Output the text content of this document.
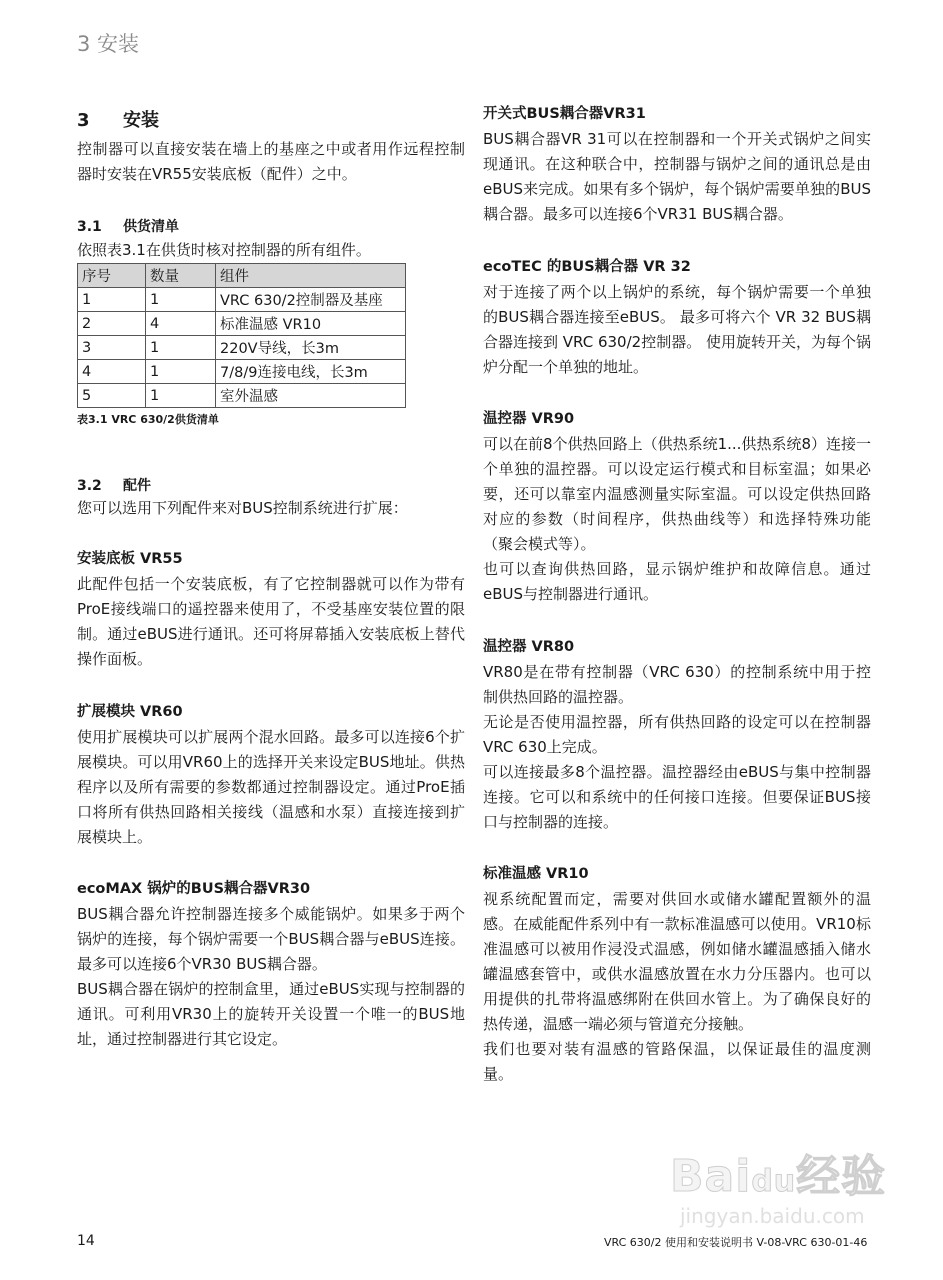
3 安装
3 安装

控制器可以直接安装在墙上的基座之中或者用作远程控制器时安装在VR55安装底板（配件）之中。

3.1 供货清单

依照表3.1在供货时核对控制器的所有组件。

序号	数量	组件
1	1	VRC 630/2控制器及基座
2	4	标准温感 VR10
3	1	220V导线，长3m
4	1	7/8/9连接电线，长3m
5	1	室外温感
表3.1 VRC 630/2供货清单
3.2 配件

您可以选用下列配件来对BUS控制系统进行扩展：

安装底板 VR55

此配件包括一个安装底板，有了它控制器就可以作为带有ProE接线端口的遥控器来使用了，不受基座安装位置的限制。通过eBUS进行通讯。还可将屏幕插入安装底板上替代操作面板。

扩展模块 VR60

使用扩展模块可以扩展两个混水回路。最多可以连接6个扩展模块。可以用VR60上的选择开关来设定BUS地址。供热程序以及所有需要的参数都通过控制器设定。通过ProE插口将所有供热回路相关接线（温感和水泵）直接连接到扩展模块上。

ecoMAX 锅炉的BUS耦合器VR30

BUS耦合器允许控制器连接多个威能锅炉。如果多于两个锅炉的连接，每个锅炉需要一个BUS耦合器与eBUS连接。最多可以连接6个VR30 BUS耦合器。

BUS耦合器在锅炉的控制盒里，通过eBUS实现与控制器的通讯。可利用VR30上的旋转开关设置一个唯一的BUS地址，通过控制器进行其它设定。

开关式BUS耦合器VR31

BUS耦合器VR 31可以在控制器和一个开关式锅炉之间实现通讯。在这种联合中，控制器与锅炉之间的通讯总是由eBUS来完成。如果有多个锅炉，每个锅炉需要单独的BUS耦合器。最多可以连接6个VR31 BUS耦合器。

ecoTEC 的BUS耦合器 VR 32

对于连接了两个以上锅炉的系统，每个锅炉需要一个单独的BUS耦合器连接至eBUS。 最多可将六个 VR 32 BUS耦合器连接到 VRC 630/2控制器。 使用旋转开关，为每个锅炉分配一个单独的地址。

温控器 VR90

可以在前8个供热回路上（供热系统1...供热系统8）连接一个单独的温控器。可以设定运行模式和目标室温；如果必要，还可以靠室内温感测量实际室温。可以设定供热回路对应的参数（时间程序，供热曲线等）和选择特殊功能（聚会模式等）。

也可以查询供热回路，显示锅炉维护和故障信息。通过eBUS与控制器进行通讯。

温控器 VR80

VR80是在带有控制器（VRC 630）的控制系统中用于控制供热回路的温控器。

无论是否使用温控器，所有供热回路的设定可以在控制器VRC 630上完成。

可以连接最多8个温控器。温控器经由eBUS与集中控制器连接。它可以和系统中的任何接口连接。但要保证BUS接口与控制器的连接。

标准温感 VR10

视系统配置而定，需要对供回水或储水罐配置额外的温感。在威能配件系列中有一款标准温感可以使用。VR10标准温感可以被用作浸没式温感，例如储水罐温感插入储水罐温感套管中，或供水温感放置在水力分压器内。也可以用提供的扎带将温感绑附在供回水管上。为了确保良好的热传递，温感一端必须与管道充分接触。

我们也要对装有温感的管路保温，以保证最佳的温度测量。

Baidu经验
jingyan.baidu.com
14	VRC 630/2 使用和安装说明书 V-08-VRC 630-01-46
